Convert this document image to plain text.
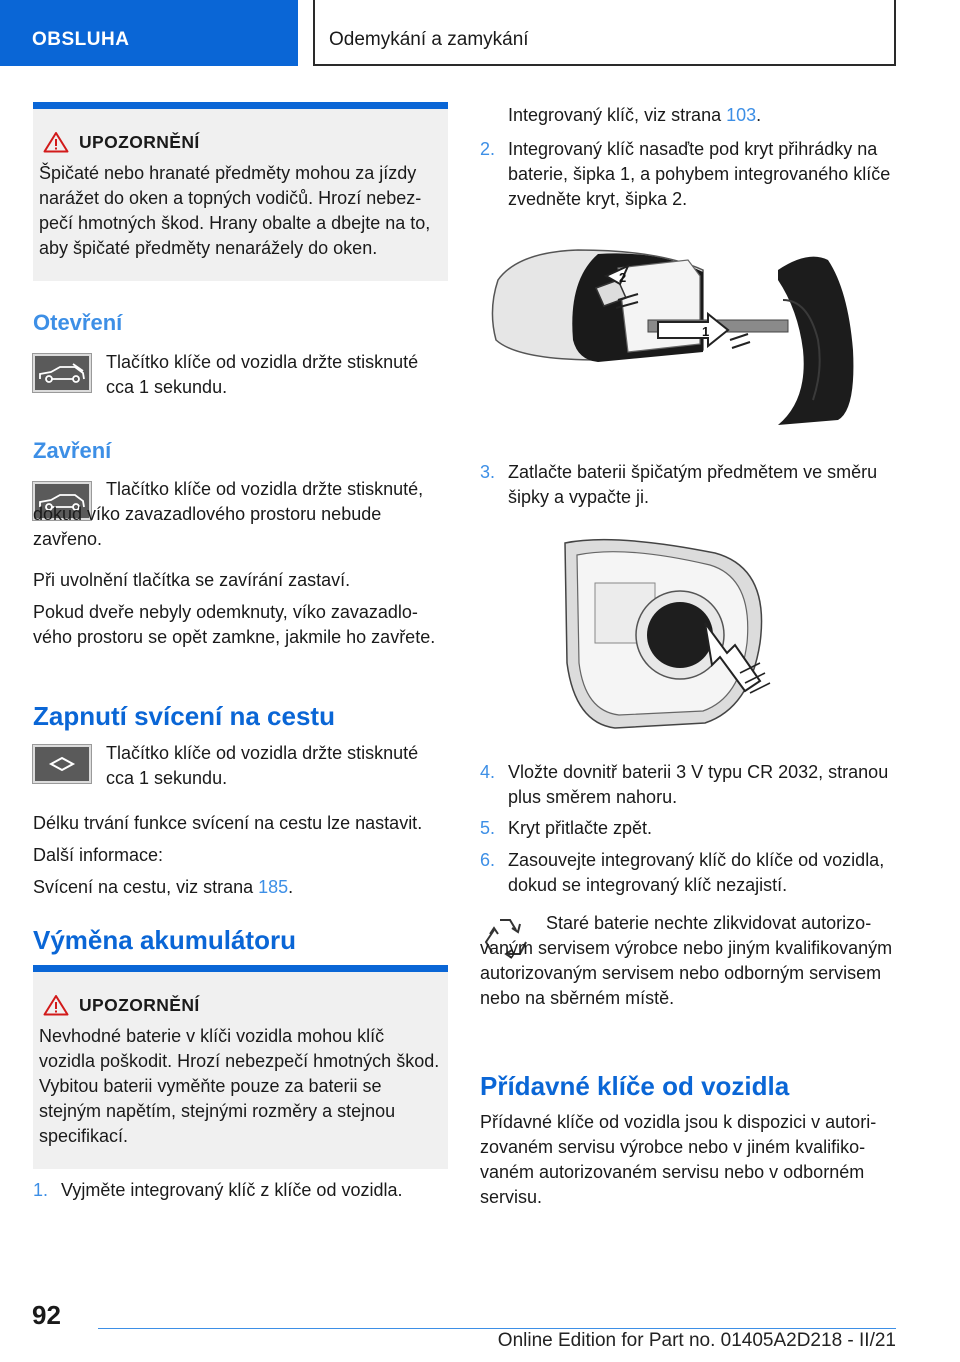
OBSLUHA	Odemykání a zamykání
UPOZORNĚNÍ
Špičaté nebo hranaté předměty mohou za jízdy narážet do oken a topných vodičů. Hrozí nebezpečí hmotných škod. Hrany obalte a dbejte na to, aby špičaté předměty nenarážely do oken.
Otevření
Tlačítko klíče od vozidla držte stisknuté cca 1 sekundu.
Zavření
Tlačítko klíče od vozidla držte stisknuté, dokud víko zavazadlového prostoru nebude zavřeno.
Při uvolnění tlačítka se zavírání zastaví.
Pokud dveře nebyly odemknuty, víko zavazadlového prostoru se opět zamkne, jakmile ho zavřete.
Zapnutí svícení na cestu
Tlačítko klíče od vozidla držte stisknuté cca 1 sekundu.
Délku trvání funkce svícení na cestu lze nastavit.
Další informace:
Svícení na cestu, viz strana 185.
Výměna akumulátoru
UPOZORNĚNÍ
Nevhodné baterie v klíči vozidla mohou klíč vozidla poškodit. Hrozí nebezpečí hmotných škod. Vybitou baterii vyměňte pouze za baterii se stejným napětím, stejnými rozměry a stejnou specifikací.
1. Vyjměte integrovaný klíč z klíče od vozidla.
Integrovaný klíč, viz strana 103.
2. Integrovaný klíč nasaďte pod kryt přihrádky na baterie, šipka 1, a pohybem integrovaného klíče zvedněte kryt, šipka 2.
2
1
3. Zatlačte baterii špičatým předmětem ve směru šipky a vypačte ji.
4. Vložte dovnitř baterii 3 V typu CR 2032, stranou plus směrem nahoru.
5. Kryt přitlačte zpět.
6. Zasouvejte integrovaný klíč do klíče od vozidla, dokud se integrovaný klíč nezajistí.
Staré baterie nechte zlikvidovat autorizovaným servisem výrobce nebo jiným kvalifikovaným autorizovaným servisem nebo odborným servisem nebo na sběrném místě.
Přídavné klíče od vozidla
Přídavné klíče od vozidla jsou k dispozici v autorizovaném servisu výrobce nebo v jiném kvalifikovaném autorizovaném servisu nebo v odborném servisu.
92
Online Edition for Part no. 01405A2D218 - II/21
